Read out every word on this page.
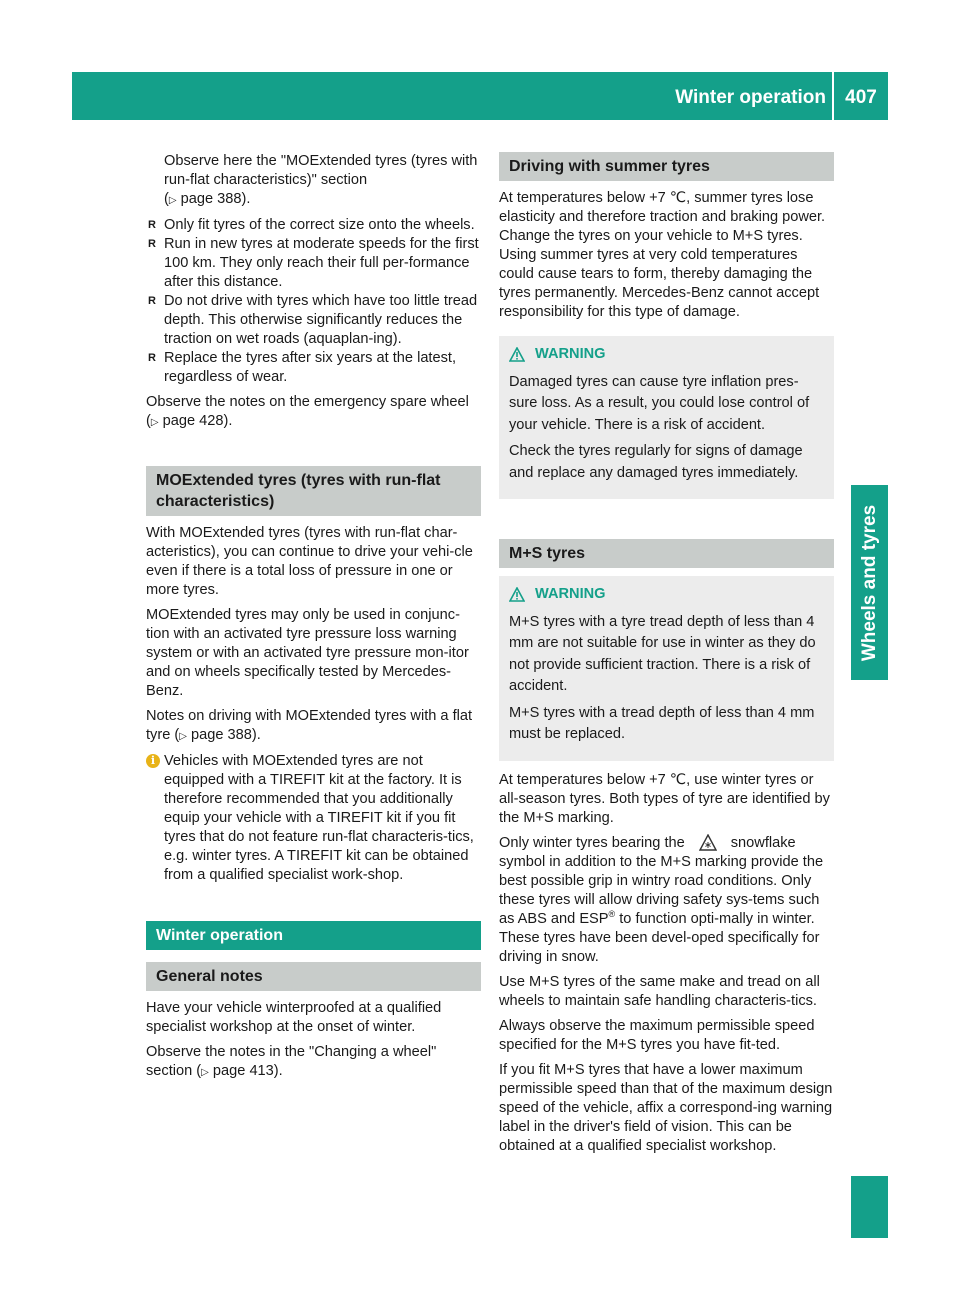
Winter operation	407
Wheels and tyres

Observe here the "MOExtended tyres (tyres with run-flat characteristics)" section
(▷ page 388).

R Only fit tyres of the correct size onto the wheels.
R Run in new tyres at moderate speeds for the first 100 km. They only reach their full per-formance after this distance.
R Do not drive with tyres which have too little tread depth. This otherwise significantly reduces the traction on wet roads (aquaplan-ing).
R Replace the tyres after six years at the latest, regardless of wear.

Observe the notes on the emergency spare wheel (▷ page 428).

MOExtended tyres (tyres with run-flat characteristics)

With MOExtended tyres (tyres with run-flat char-acteristics), you can continue to drive your vehi-cle even if there is a total loss of pressure in one or more tyres.

MOExtended tyres may only be used in conjunc-tion with an activated tyre pressure loss warning system or with an activated tyre pressure mon-itor and on wheels specifically tested by Mercedes-Benz.

Notes on driving with MOExtended tyres with a flat tyre (▷ page 388).

i Vehicles with MOExtended tyres are not equipped with a TIREFIT kit at the factory. It is therefore recommended that you additionally equip your vehicle with a TIREFIT kit if you fit tyres that do not feature run-flat characteris-tics, e.g. winter tyres. A TIREFIT kit can be obtained from a qualified specialist work-shop.
Winter operation
General notes

Have your vehicle winterproofed at a qualified specialist workshop at the onset of winter.

Observe the notes in the "Changing a wheel" section (▷ page 413).

Driving with summer tyres

At temperatures below +7 ℃, summer tyres lose elasticity and therefore traction and braking power. Change the tyres on your vehicle to M+S tyres. Using summer tyres at very cold temperatures could cause tears to form, thereby damaging the tyres permanently. Mercedes-Benz cannot accept responsibility for this type of damage.

WARNING

Damaged tyres can cause tyre inflation pres-sure loss. As a result, you could lose control of your vehicle. There is a risk of accident.

Check the tyres regularly for signs of damage and replace any damaged tyres immediately.

M+S tyres
WARNING

M+S tyres with a tyre tread depth of less than 4 mm are not suitable for use in winter as they do not provide sufficient traction. There is a risk of accident.

M+S tyres with a tread depth of less than 4 mm must be replaced.

At temperatures below +7 ℃, use winter tyres or all-season tyres. Both types of tyre are identified by the M+S marking.

Only winter tyres bearing the	snowflake symbol in addition to the M+S marking provide the best possible grip in wintry road conditions. Only these tyres will allow driving safety sys-tems such as ABS and ESP® to function opti-mally in winter. These tyres have been devel-oped specifically for driving in snow.

Use M+S tyres of the same make and tread on all wheels to maintain safe handling characteris-tics.

Always observe the maximum permissible speed specified for the M+S tyres you have fit-ted.

If you fit M+S tyres that have a lower maximum permissible speed than that of the maximum design speed of the vehicle, affix a correspond-ing warning label in the driver's field of vision. This can be obtained at a qualified specialist workshop.
